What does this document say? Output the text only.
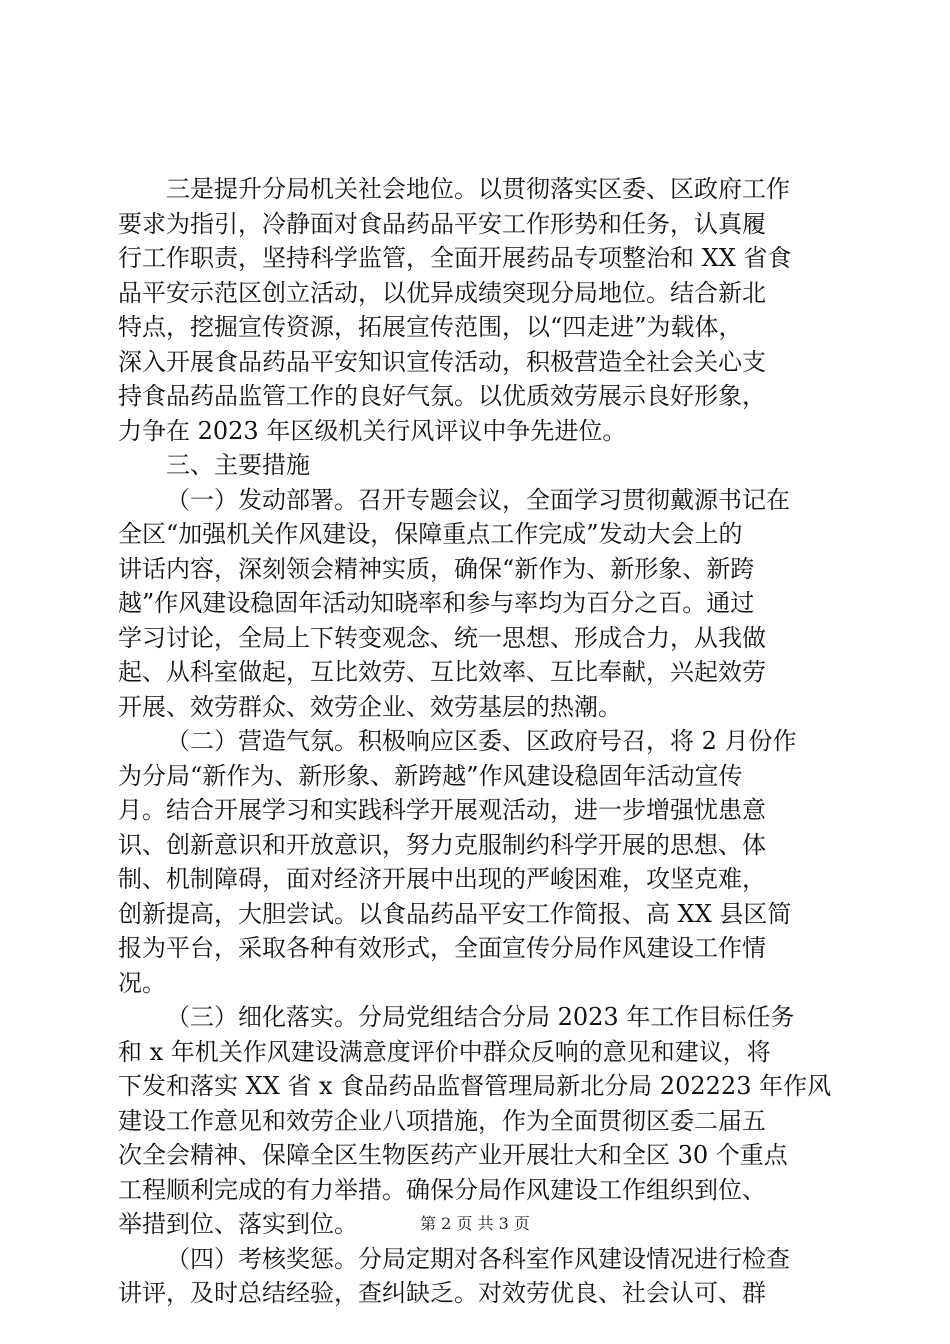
三是提升分局机关社会地位。以贯彻落实区委、区政府工作
要求为指引，冷静面对食品药品平安工作形势和任务，认真履
行工作职责，坚持科学监管，全面开展药品专项整治和 XX 省食
品平安示范区创立活动，以优异成绩突现分局地位。结合新北
特点，挖掘宣传资源，拓展宣传范围，以“四走进”为载体，
深入开展食品药品平安知识宣传活动，积极营造全社会关心支
持食品药品监管工作的良好气氛。以优质效劳展示良好形象，
力争在 2023 年区级机关行风评议中争先进位。
三、主要措施
（一）发动部署。召开专题会议，全面学习贯彻戴源书记在
全区“加强机关作风建设，保障重点工作完成”发动大会上的
讲话内容，深刻领会精神实质，确保“新作为、新形象、新跨
越”作风建设稳固年活动知晓率和参与率均为百分之百。通过
学习讨论，全局上下转变观念、统一思想、形成合力，从我做
起、从科室做起，互比效劳、互比效率、互比奉献，兴起效劳
开展、效劳群众、效劳企业、效劳基层的热潮。
（二）营造气氛。积极响应区委、区政府号召，将 2 月份作
为分局“新作为、新形象、新跨越”作风建设稳固年活动宣传
月。结合开展学习和实践科学开展观活动，进一步增强忧患意
识、创新意识和开放意识，努力克服制约科学开展的思想、体
制、机制障碍，面对经济开展中出现的严峻困难，攻坚克难，
创新提高，大胆尝试。以食品药品平安工作简报、高 XX 县区简
报为平台，采取各种有效形式，全面宣传分局作风建设工作情
况。
（三）细化落实。分局党组结合分局 2023 年工作目标任务
和 x 年机关作风建设满意度评价中群众反响的意见和建议，将
下发和落实 XX 省 x 食品药品监督管理局新北分局 202223 年作风
建设工作意见和效劳企业八项措施，作为全面贯彻区委二届五
次全会精神、保障全区生物医药产业开展壮大和全区 30 个重点
工程顺利完成的有力举措。确保分局作风建设工作组织到位、
举措到位、落实到位。
（四）考核奖惩。分局定期对各科室作风建设情况进行检查
讲评，及时总结经验，查纠缺乏。对效劳优良、社会认可、群
第 2 页 共 3 页
